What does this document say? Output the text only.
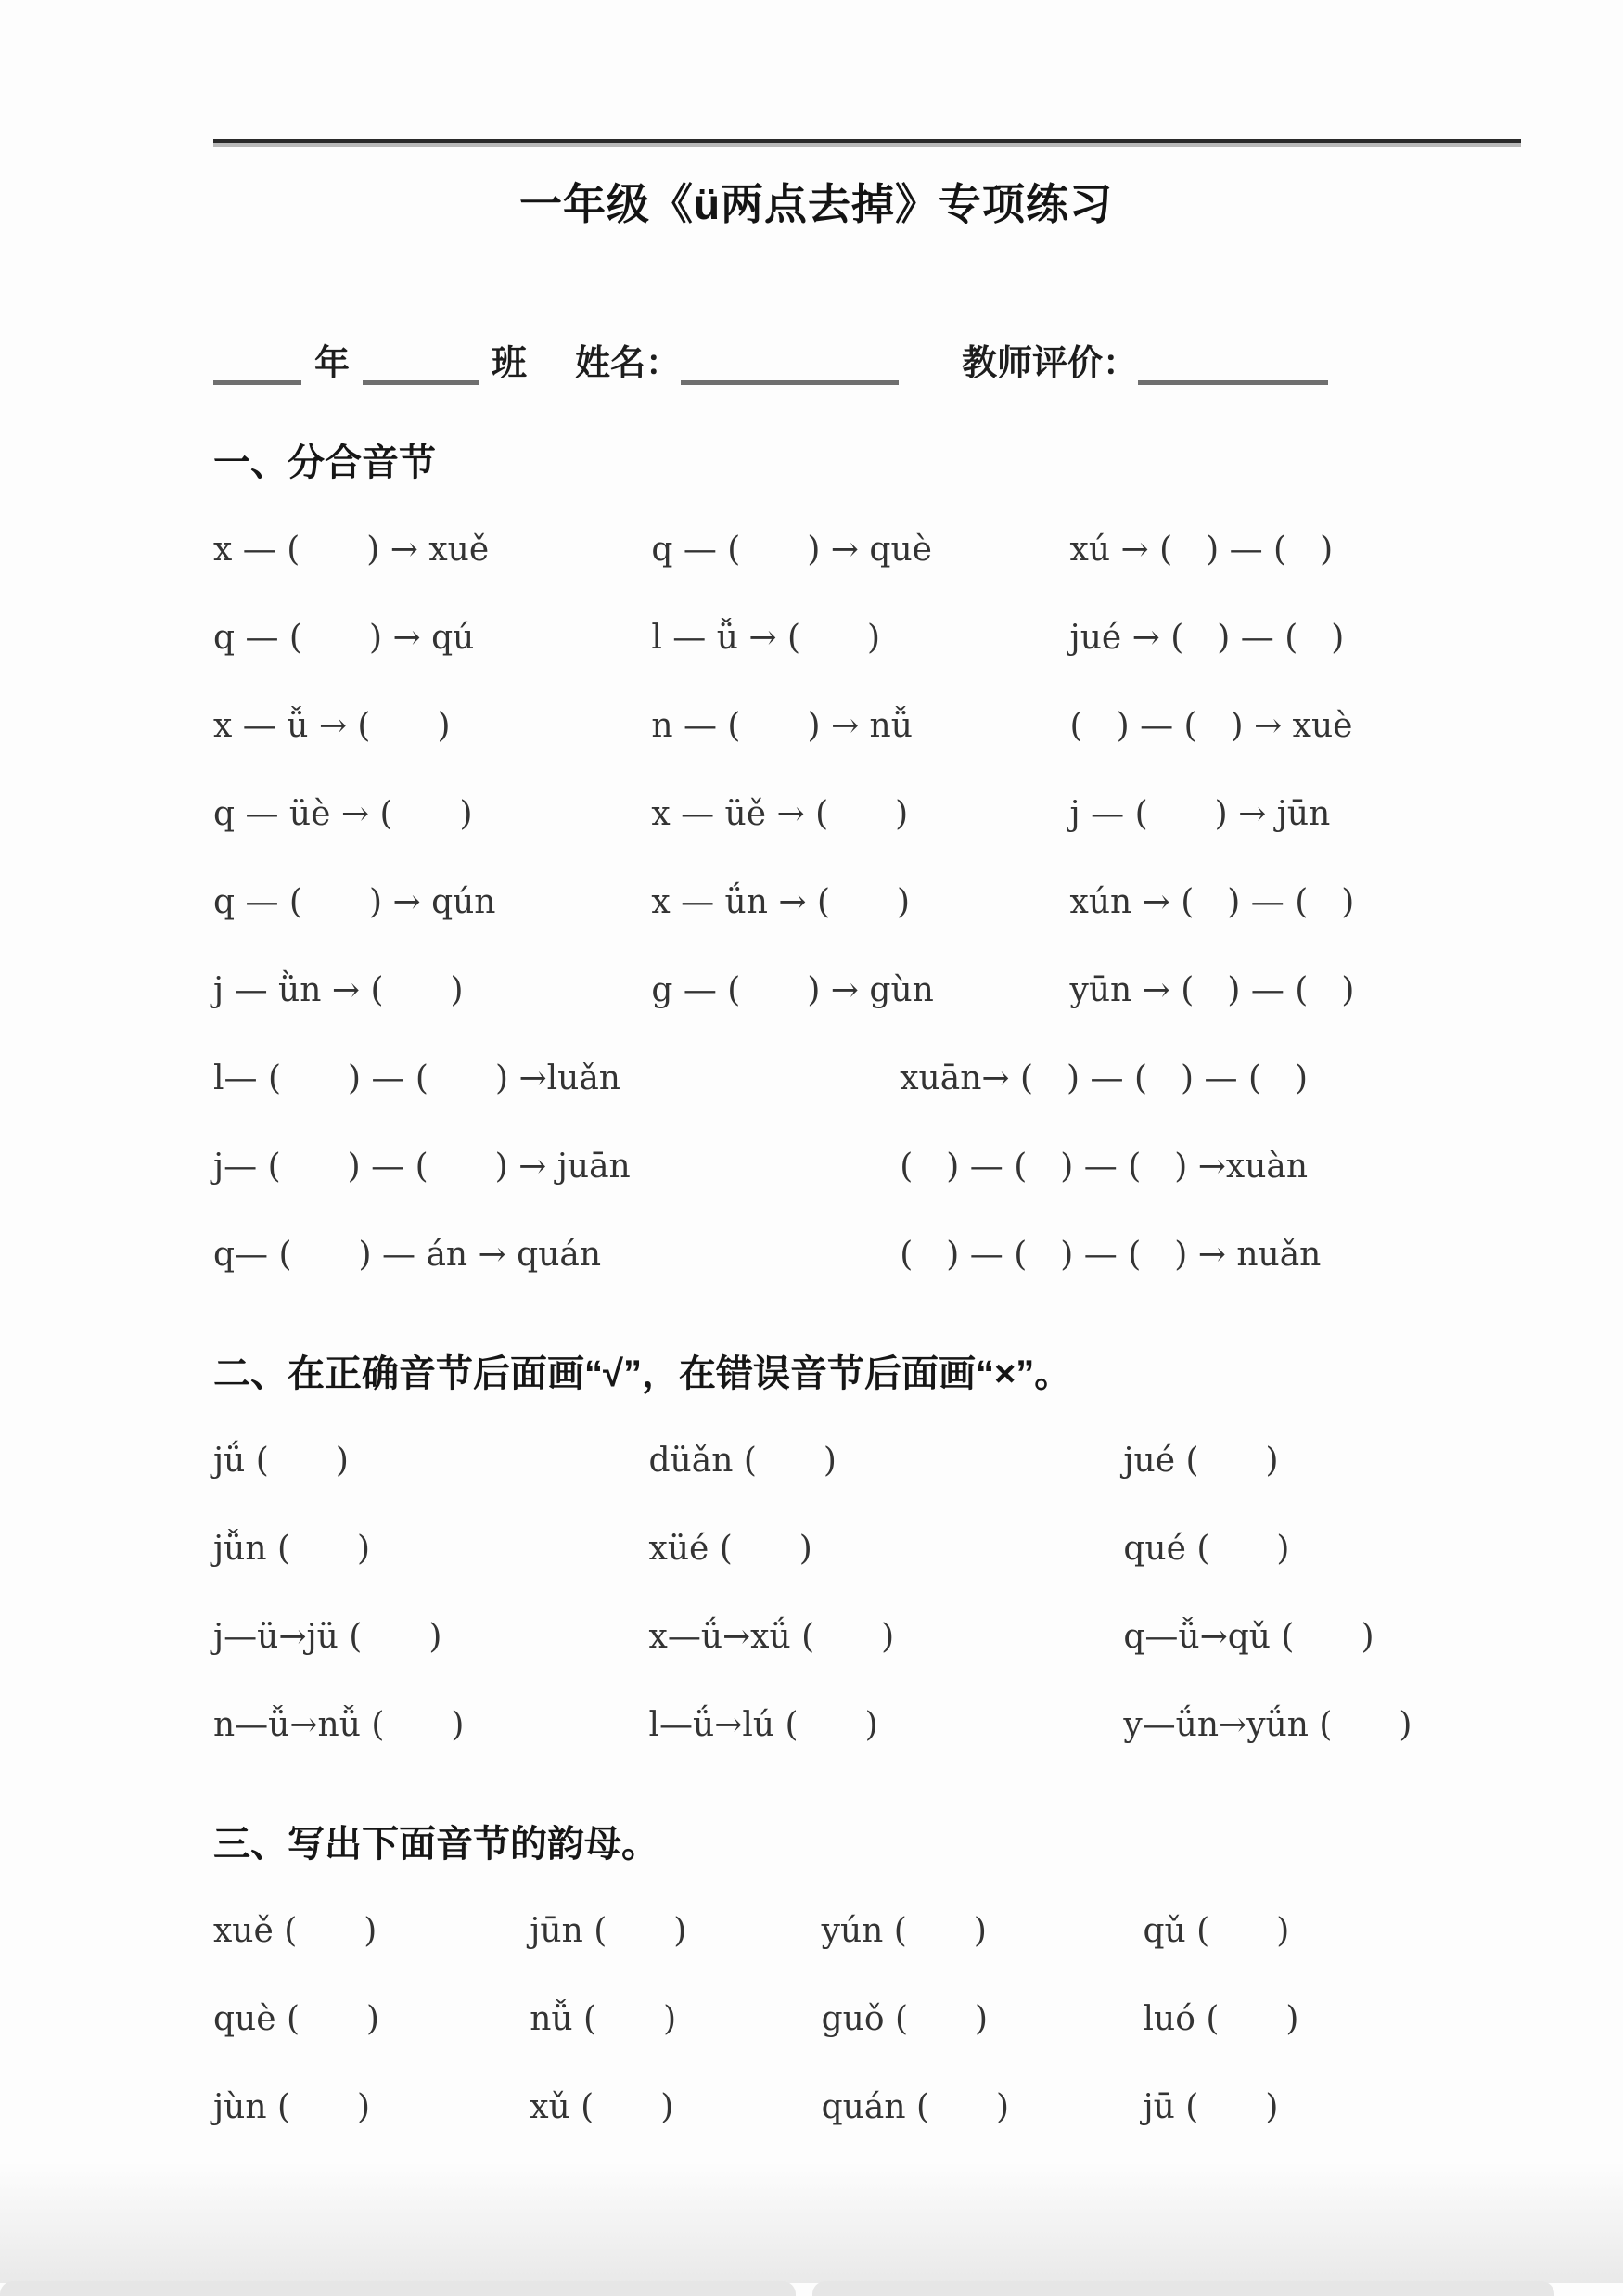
一年级《ü两点去掉》专项练习
年	班 姓名：	教师评价：
一、分合音节
x — (　　) → xuě	q — (　　) → què	xú → (　) — (　)
q — (　　) → qú	l — ǚ → (　　)	jué → (　) — (　)
x — ǚ → (　　)	n — (　　) → nǚ	(　) — (　) → xuè
q — üè → (　　)	x — üě → (　　)	j — (　　) → jūn
q — (　　) → qún	x — ǘn → (　　)	xún → (　) — (　)
j — ǜn → (　　)	g — (　　) → gùn	yūn → (　) — (　)
l— (　　) — (　　) →luǎn	xuān→ (　) — (　) — (　)
j— (　　) — (　　) → juān	(　) — (　) — (　) →xuàn
q— (　　) — án → quán	(　) — (　) — (　) → nuǎn
二、在正确音节后面画“√”，在错误音节后面画“×”。
jǘ (　　)	düǎn (　　)	jué (　　)
jǚn (　　)	xüé (　　)	qué (　　)
j—ü→jü (　　)	x—ǘ→xǘ (　　)	q—ǚ→qǔ (　　)
n—ǚ→nǚ (　　)	l—ǘ→lú (　　)	y—ǘn→yǘn (　　)
三、写出下面音节的韵母。
xuě (　　)	jūn (　　)	yún (　　)	qǔ (　　)
què (　　)	nǚ (　　)	guǒ (　　)	luó (　　)
jùn (　　)	xǔ (　　)	quán (　　)	jū (　　)
